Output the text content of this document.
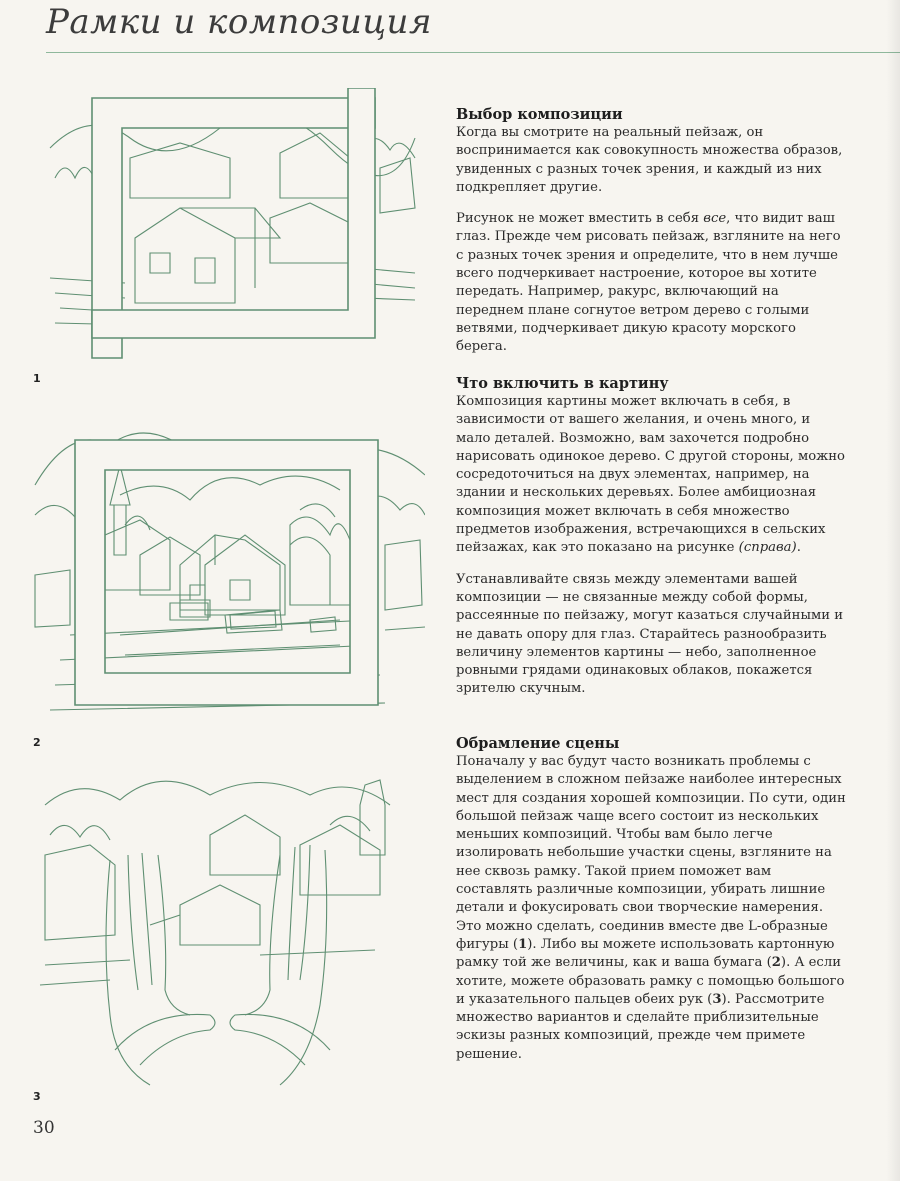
Рамки и композиция
1
2
3
Выбор композиции

Когда вы смотрите на реальный пейзаж, он воспринимается как совокупность множества образов, увиденных с разных точек зрения, и каждый из них подкрепляет другие.

Рисунок не может вместить в себя все, что видит ваш глаз. Прежде чем рисовать пейзаж, взгляните на него с разных точек зрения и определите, что в нем лучше всего подчеркивает настроение, которое вы хотите передать. Например, ракурс, включающий на переднем плане согнутое ветром дерево с голыми ветвями, подчеркивает дикую красоту морского берега.

Что включить в картину

Композиция картины может включать в себя, в зависимости от вашего желания, и очень много, и мало деталей. Возможно, вам захочется подробно нарисовать одинокое дерево. С другой стороны, можно сосредоточиться на двух элементах, например, на здании и нескольких деревьях. Более амбициозная композиция может включать в себя множество предметов изображения, встречающихся в сельских пейзажах, как это показано на рисунке (справа).

Устанавливайте связь между элементами вашей композиции — не связанные между собой формы, рассеянные по пейзажу, могут казаться случайными и не давать опору для глаз. Старайтесь разнообразить величину элементов картины — небо, заполненное ровными грядами одинаковых облаков, покажется зрителю скучным.

Обрамление сцены

Поначалу у вас будут часто возникать проблемы с выделением в сложном пейзаже наиболее интересных мест для создания хорошей композиции. По сути, один большой пейзаж чаще всего состоит из нескольких меньших композиций. Чтобы вам было легче изолировать небольшие участки сцены, взгляните на нее сквозь рамку. Такой прием поможет вам составлять различные композиции, убирать лишние детали и фокусировать свои творческие намерения. Это можно сделать, соединив вместе две L-образные фигуры (1). Либо вы можете использовать картонную рамку той же величины, как и ваша бумага (2). А если хотите, можете образовать рамку с помощью большого и указательного пальцев обеих рук (3). Рассмотрите множество вариантов и сделайте приблизительные эскизы разных композиций, прежде чем примете решение.

30
